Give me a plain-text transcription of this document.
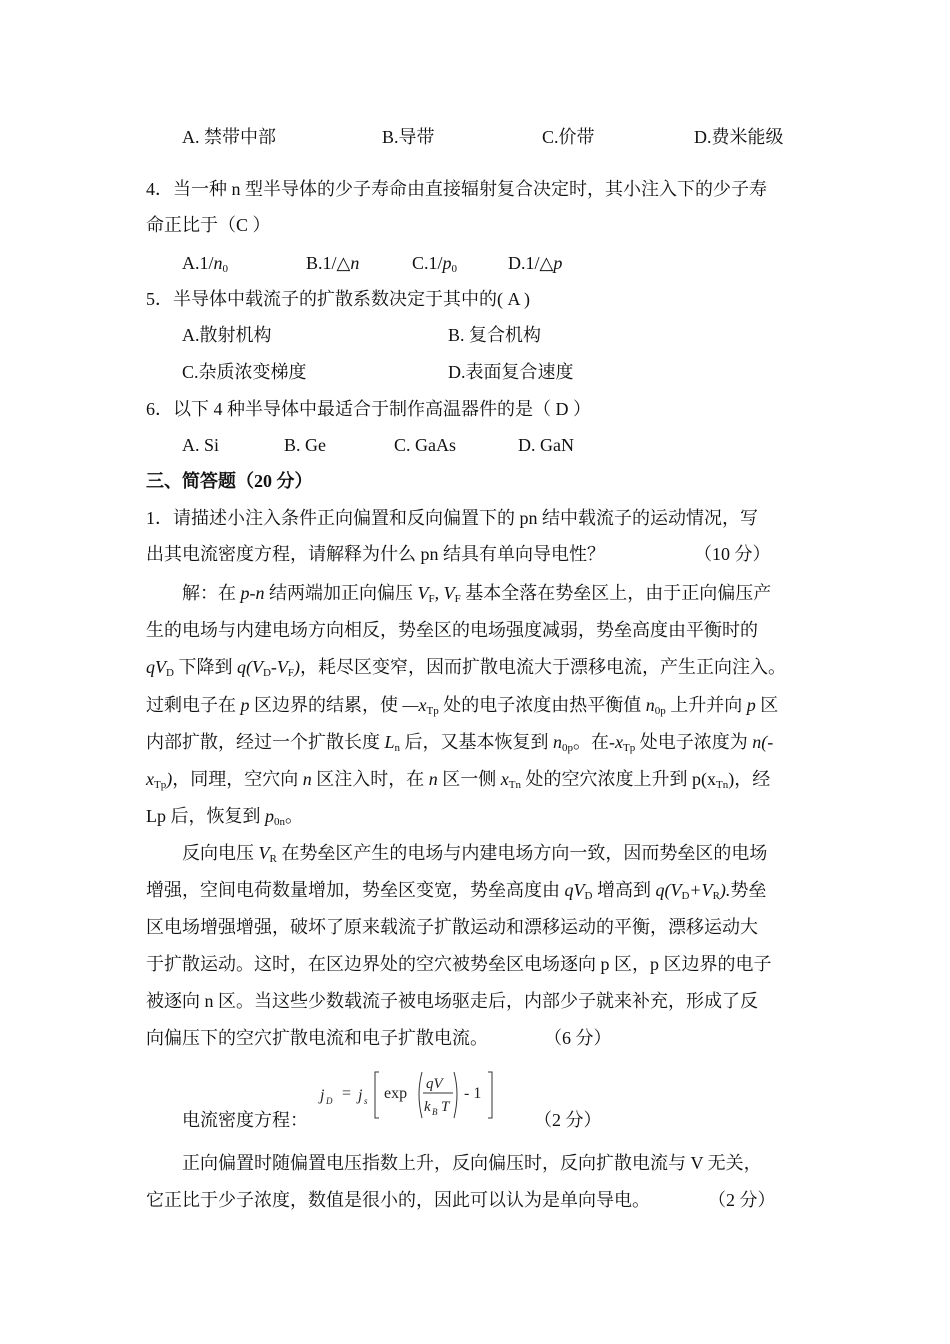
A. 禁带中部	B.导带	C.价带	D.费米能级
4．当一种 n 型半导体的少子寿命由直接辐射复合决定时，其小注入下的少子寿
命正比于（C ）
$A.1/n_0$	B.1/△n	$C.1/p_0$	D.1/△p
5．半导体中载流子的扩散系数决定于其中的( A )
A.散射机构	B. 复合机构
C.杂质浓变梯度	D.表面复合速度
6．以下 4 种半导体中最适合于制作高温器件的是（ D ）
A. Si	B. Ge	C. GaAs	D. GaN
三、简答题（20 分）
1．请描述小注入条件正向偏置和反向偏置下的 pn 结中载流子的运动情况，写
出其电流密度方程，请解释为什么 pn 结具有单向导电性？	（10 分）
解：在 p-n 结两端加正向偏压 $V_F$, $V_F$ 基本全落在势垒区上，由于正向偏压产
生的电场与内建电场方向相反，势垒区的电场强度减弱，势垒高度由平衡时的
$qV_D$ 下降到 $q(V_D-V_F)$，耗尽区变窄，因而扩散电流大于漂移电流，产生正向注入。
过剩电子在 p 区边界的结累，使 $—x_{Tp}$ 处的电子浓度由热平衡值 $n_{0p}$ 上升并向 p 区
内部扩散，经过一个扩散长度 $L_n$ 后，又基本恢复到 $n_{0p}$。在$-x_{Tp}$ 处电子浓度为 n(-
$x_{Tp}$)，同理，空穴向 n 区注入时，在 n 区一侧 $x_{Tn}$ 处的空穴浓度上升到 $p(x_{Tn})$，经
Lp 后，恢复到 $p_{0n}$。
反向电压 $V_R$ 在势垒区产生的电场与内建电场方向一致，因而势垒区的电场
增强，空间电荷数量增加，势垒区变宽，势垒高度由 $qV_D$ 增高到 $q(V_D+V_R)$.势垒
区电场增强增强，破坏了原来载流子扩散运动和漂移运动的平衡，漂移运动大
于扩散运动。这时，在区边界处的空穴被势垒区电场逐向 p 区，p 区边界的电子
被逐向 n 区。当这些少数载流子被电场驱走后，内部少子就来补充，形成了反
向偏压下的空穴扩散电流和电子扩散电流。	（6 分）
电流密度方程：
j D = j s exp
qV
k B T
- 1
（2 分）
正向偏置时随偏置电压指数上升，反向偏压时，反向扩散电流与 V 无关，
它正比于少子浓度，数值是很小的，因此可以认为是单向导电。	（2 分）
